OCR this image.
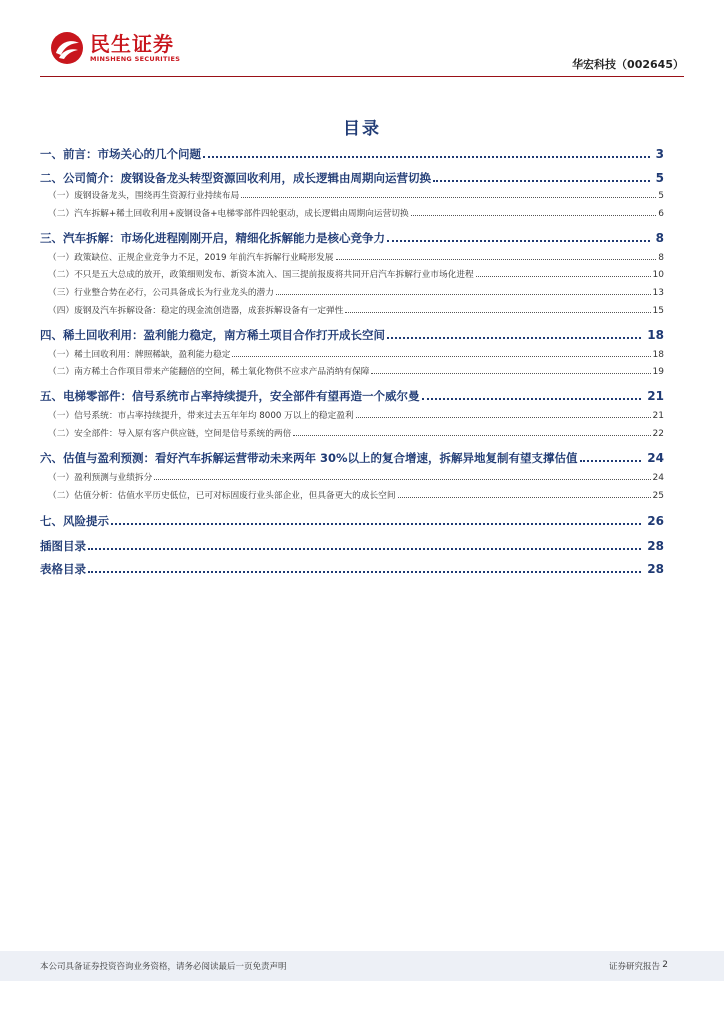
民生证券
MINSHENG SECURITIES	华宏科技（002645）
目录
一、前言：市场关心的几个问题	3
二、公司简介：废钢设备龙头转型资源回收利用，成长逻辑由周期向运营切换	5
（一）废钢设备龙头，围绕再生资源行业持续布局	5
（二）汽车拆解+稀土回收利用+废钢设备+电梯零部件四轮驱动，成长逻辑由周期向运营切换	6
三、汽车拆解：市场化进程刚刚开启，精细化拆解能力是核心竞争力	8
（一）政策缺位、正规企业竞争力不足，2019 年前汽车拆解行业畸形发展	8
（二）不只是五大总成的放开，政策细则发布、新资本流入、国三提前报废将共同开启汽车拆解行业市场化进程	10
（三）行业整合势在必行，公司具备成长为行业龙头的潜力	13
（四）废钢及汽车拆解设备：稳定的现金流创造器，成套拆解设备有一定弹性	15
四、稀土回收利用：盈利能力稳定，南方稀土项目合作打开成长空间	18
（一）稀土回收利用：牌照稀缺，盈利能力稳定	18
（二）南方稀土合作项目带来产能翻倍的空间，稀土氧化物供不应求产品消纳有保障	19
五、电梯零部件：信号系统市占率持续提升，安全部件有望再造一个威尔曼	21
（一）信号系统：市占率持续提升，带来过去五年年均 8000 万以上的稳定盈利	21
（二）安全部件：导入原有客户供应链，空间是信号系统的两倍	22
六、估值与盈利预测：看好汽车拆解运营带动未来两年 30%以上的复合增速，拆解异地复制有望支撑估值	24
（一）盈利预测与业绩拆分	24
（二）估值分析：估值水平历史低位，已可对标固废行业头部企业，但具备更大的成长空间	25
七、风险提示	26
插图目录	28
表格目录	28
本公司具备证券投资咨询业务资格，请务必阅读最后一页免责声明	证券研究报告 2
